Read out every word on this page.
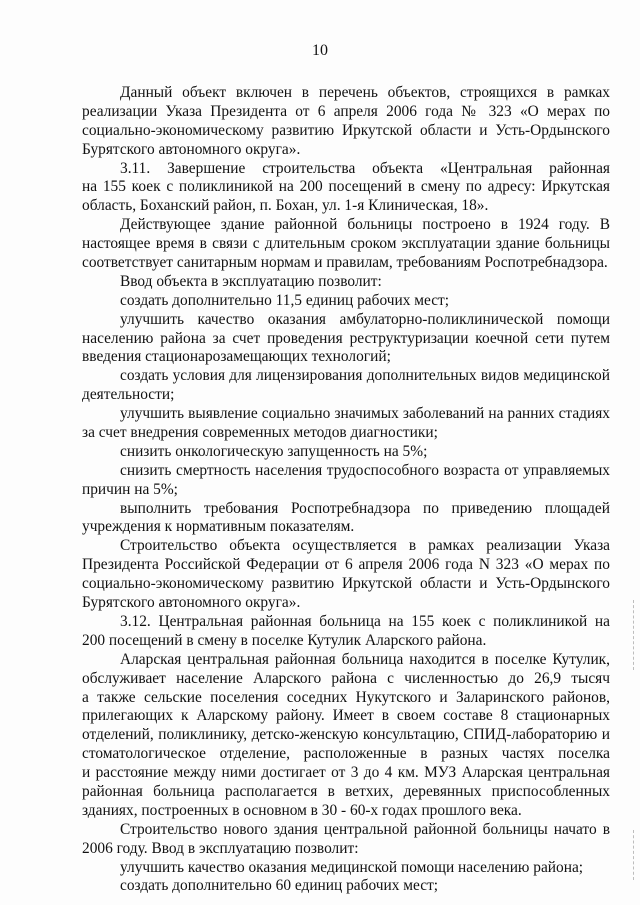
10
Данный объект включен в перечень объектов, строящихся в рамках
реализации Указа Президента от 6 апреля 2006 года № 323 «О мерах по
социально-экономическому развитию Иркутской области и Усть-Ордынского
Бурятского автономного округа».
3.11. Завершение строительства объекта «Центральная районная
на 155 коек с поликлиникой на 200 посещений в смену по адресу: Иркутская
область, Боханский район, п. Бохан, ул. 1-я Клиническая, 18».
Действующее здание районной больницы построено в 1924 году. В
настоящее время в связи с длительным сроком эксплуатации здание больницы
соответствует санитарным нормам и правилам, требованиям Роспотребнадзора.
Ввод объекта в эксплуатацию позволит:
создать дополнительно 11,5 единиц рабочих мест;
улучшить качество оказания амбулаторно-поликлинической помощи
населению района за счет проведения реструктуризации коечной сети путем
введения стационарозамещающих технологий;
создать условия для лицензирования дополнительных видов медицинской
деятельности;
улучшить выявление социально значимых заболеваний на ранних стадиях
за счет внедрения современных методов диагностики;
снизить онкологическую запущенность на 5%;
снизить смертность населения трудоспособного возраста от управляемых
причин на 5%;
выполнить требования Роспотребнадзора по приведению площадей
учреждения к нормативным показателям.
Строительство объекта осуществляется в рамках реализации Указа
Президента Российской Федерации от 6 апреля 2006 года N 323 «О мерах по
социально-экономическому развитию Иркутской области и Усть-Ордынского
Бурятского автономного округа».
3.12. Центральная районная больница на 155 коек с поликлиникой на
200 посещений в смену в поселке Кутулик Аларского района.
Аларская центральная районная больница находится в поселке Кутулик,
обслуживает население Аларского района с численностью до 26,9 тысяч
а также сельские поселения соседних Нукутского и Заларинского районов,
прилегающих к Аларскому району. Имеет в своем составе 8 стационарных
отделений, поликлинику, детско-женскую консультацию, СПИД-лабораторию и
стоматологическое отделение, расположенные в разных частях поселка
и расстояние между ними достигает от 3 до 4 км. МУЗ Аларская центральная
районная больница располагается в ветхих, деревянных приспособленных
зданиях, построенных в основном в 30 - 60-х годах прошлого века.
Строительство нового здания центральной районной больницы начато в
2006 году. Ввод в эксплуатацию позволит:
улучшить качество оказания медицинской помощи населению района;
создать дополнительно 60 единиц рабочих мест;
